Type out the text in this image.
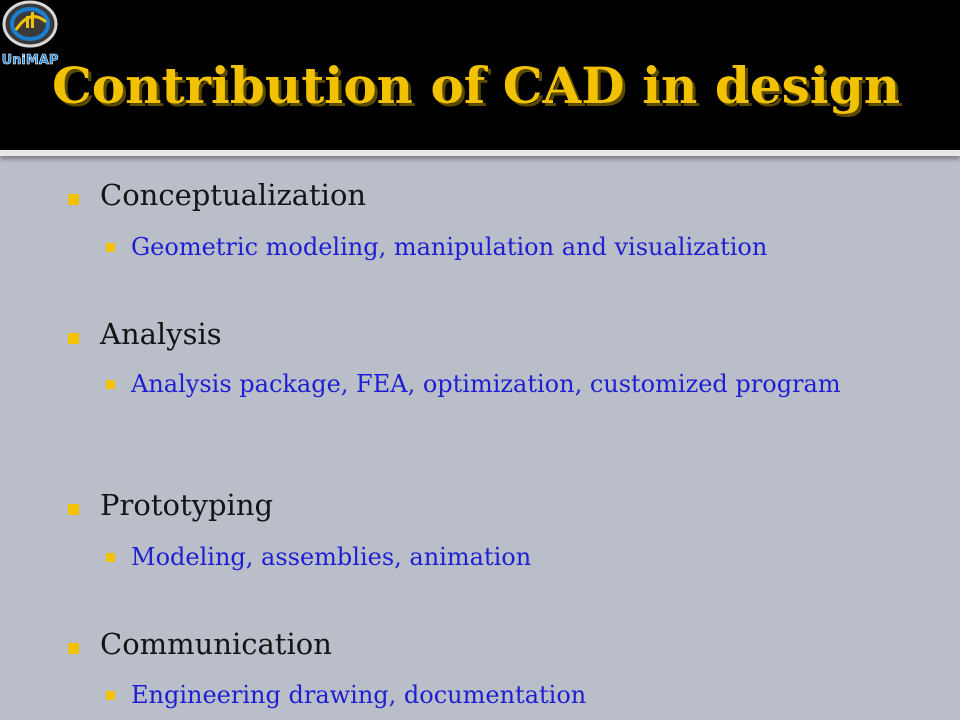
UniMAP
Contribution of CAD in design
Conceptualization
Geometric modeling, manipulation and visualization
Analysis
Analysis package, FEA, optimization, customized program
Prototyping
Modeling, assemblies, animation
Communication
Engineering drawing, documentation
